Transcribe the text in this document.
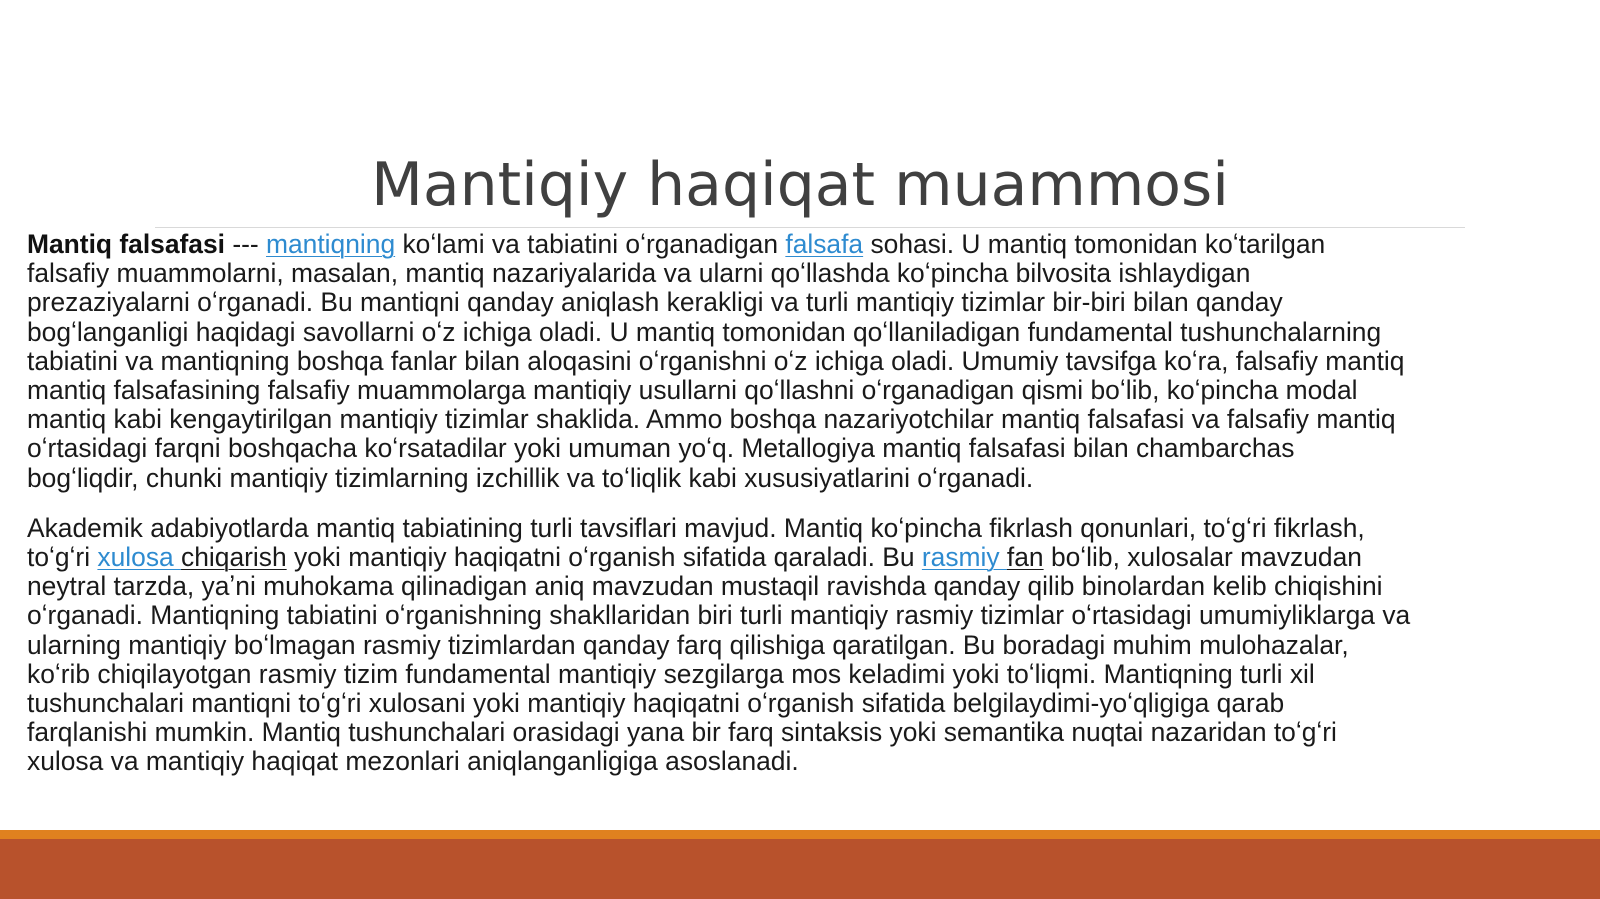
Mantiqiy haqiqat muammosi

Mantiq falsafasi --- mantiqning koʻlami va tabiatini oʻrganadigan falsafa sohasi. U mantiq tomonidan koʻtarilgan
falsafiy muammolarni, masalan, mantiq nazariyalarida va ularni qoʻllashda koʻpincha bilvosita ishlaydigan
prezaziyalarni oʻrganadi. Bu mantiqni qanday aniqlash kerakligi va turli mantiqiy tizimlar bir-biri bilan qanday
bogʻlanganligi haqidagi savollarni oʻz ichiga oladi. U mantiq tomonidan qoʻllaniladigan fundamental tushunchalarning
tabiatini va mantiqning boshqa fanlar bilan aloqasini oʻrganishni oʻz ichiga oladi. Umumiy tavsifga koʻra, falsafiy mantiq
mantiq falsafasining falsafiy muammolarga mantiqiy usullarni qoʻllashni oʻrganadigan qismi boʻlib, koʻpincha modal
mantiq kabi kengaytirilgan mantiqiy tizimlar shaklida. Ammo boshqa nazariyotchilar mantiq falsafasi va falsafiy mantiq
oʻrtasidagi farqni boshqacha koʻrsatadilar yoki umuman yoʻq. Metallogiya mantiq falsafasi bilan chambarchas
bogʻliqdir, chunki mantiqiy tizimlarning izchillik va toʻliqlik kabi xususiyatlarini oʻrganadi.

Akademik adabiyotlarda mantiq tabiatining turli tavsiflari mavjud. Mantiq koʻpincha fikrlash qonunlari, toʻgʻri fikrlash,
toʻgʻri xulosa chiqarish yoki mantiqiy haqiqatni oʻrganish sifatida qaraladi. Bu rasmiy fan boʻlib, xulosalar mavzudan
neytral tarzda, yaʼni muhokama qilinadigan aniq mavzudan mustaqil ravishda qanday qilib binolardan kelib chiqishini
oʻrganadi. Mantiqning tabiatini oʻrganishning shakllaridan biri turli mantiqiy rasmiy tizimlar oʻrtasidagi umumiyliklarga va
ularning mantiqiy boʻlmagan rasmiy tizimlardan qanday farq qilishiga qaratilgan. Bu boradagi muhim mulohazalar,
koʻrib chiqilayotgan rasmiy tizim fundamental mantiqiy sezgilarga mos keladimi yoki toʻliqmi. Mantiqning turli xil
tushunchalari mantiqni toʻgʻri xulosani yoki mantiqiy haqiqatni oʻrganish sifatida belgilaydimi-yoʻqligiga qarab
farqlanishi mumkin. Mantiq tushunchalari orasidagi yana bir farq sintaksis yoki semantika nuqtai nazaridan toʻgʻri
xulosa va mantiqiy haqiqat mezonlari aniqlanganligiga asoslanadi.
